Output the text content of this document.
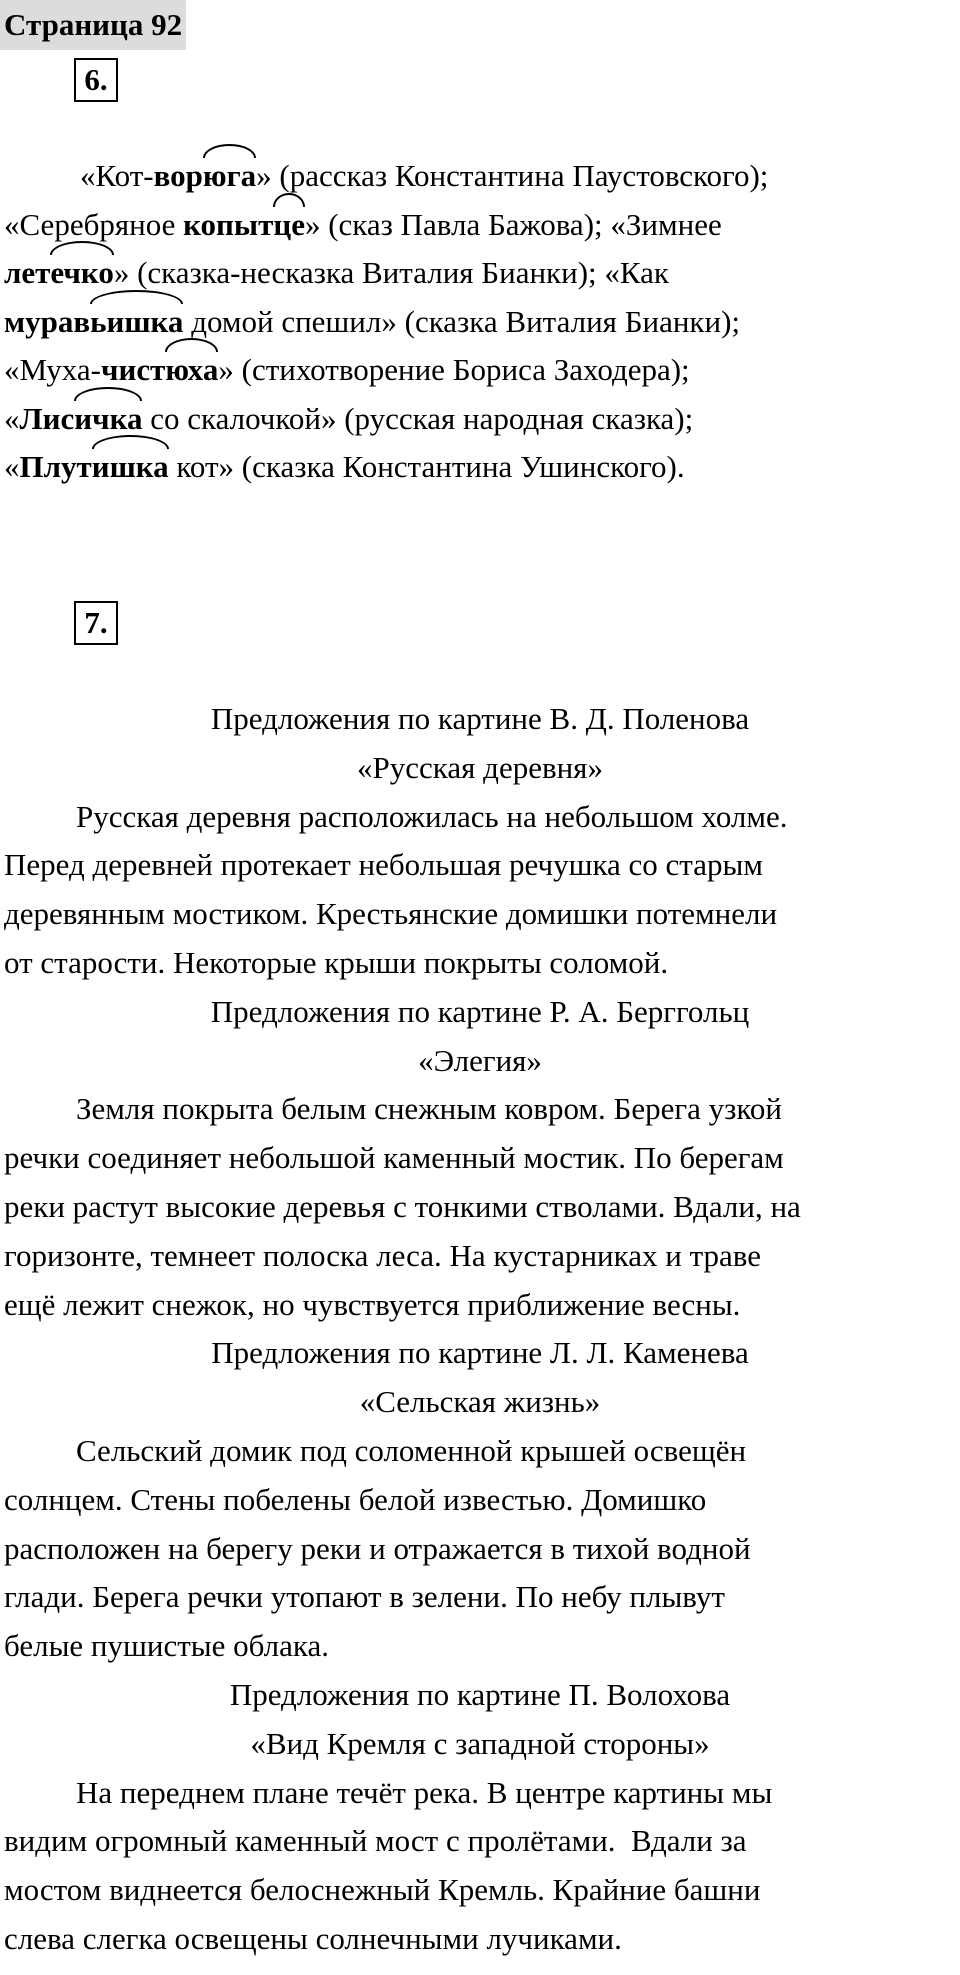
Страница 92
6.
«Кот-вор
юга» (рассказ Константина Паустовского);
«Серебряное копыт
це» (сказ Павла Бажова); «Зимнее
лет
ечко» (сказка-несказка Виталия Бианки); «Как
мурав
ьишка домой спешил» (сказка Виталия Бианки);
«Муха-чист
юха» (стихотворение Бориса Заходера);
«Лис
ичка со скалочкой» (русская народная сказка);
«Плут
ишка кот» (сказка Константина Ушинского).
7.
Предложения по картине В. Д. Поленова
«Русская деревня»
Русская деревня расположилась на небольшом холме.
Перед деревней протекает небольшая речушка со старым
деревянным мостиком. Крестьянские домишки потемнели
от старости. Некоторые крыши покрыты соломой.
Предложения по картине Р. А. Берггольц
«Элегия»
Земля покрыта белым снежным ковром. Берега узкой
речки соединяет небольшой каменный мостик. По берегам
реки растут высокие деревья с тонкими стволами. Вдали, на
горизонте, темнеет полоска леса. На кустарниках и траве
ещё лежит снежок, но чувствуется приближение весны.
Предложения по картине Л. Л. Каменева
«Сельская жизнь»
Сельский домик под соломенной крышей освещён
солнцем. Стены побелены белой известью. Домишко
расположен на берегу реки и отражается в тихой водной
глади. Берега речки утопают в зелени. По небу плывут
белые пушистые облака.
Предложения по картине П. Волохова
«Вид Кремля с западной стороны»
На переднем плане течёт река. В центре картины мы
видим огромный каменный мост с пролётами.  Вдали за
мостом виднеется белоснежный Кремль. Крайние башни
слева слегка освещены солнечными лучиками.
